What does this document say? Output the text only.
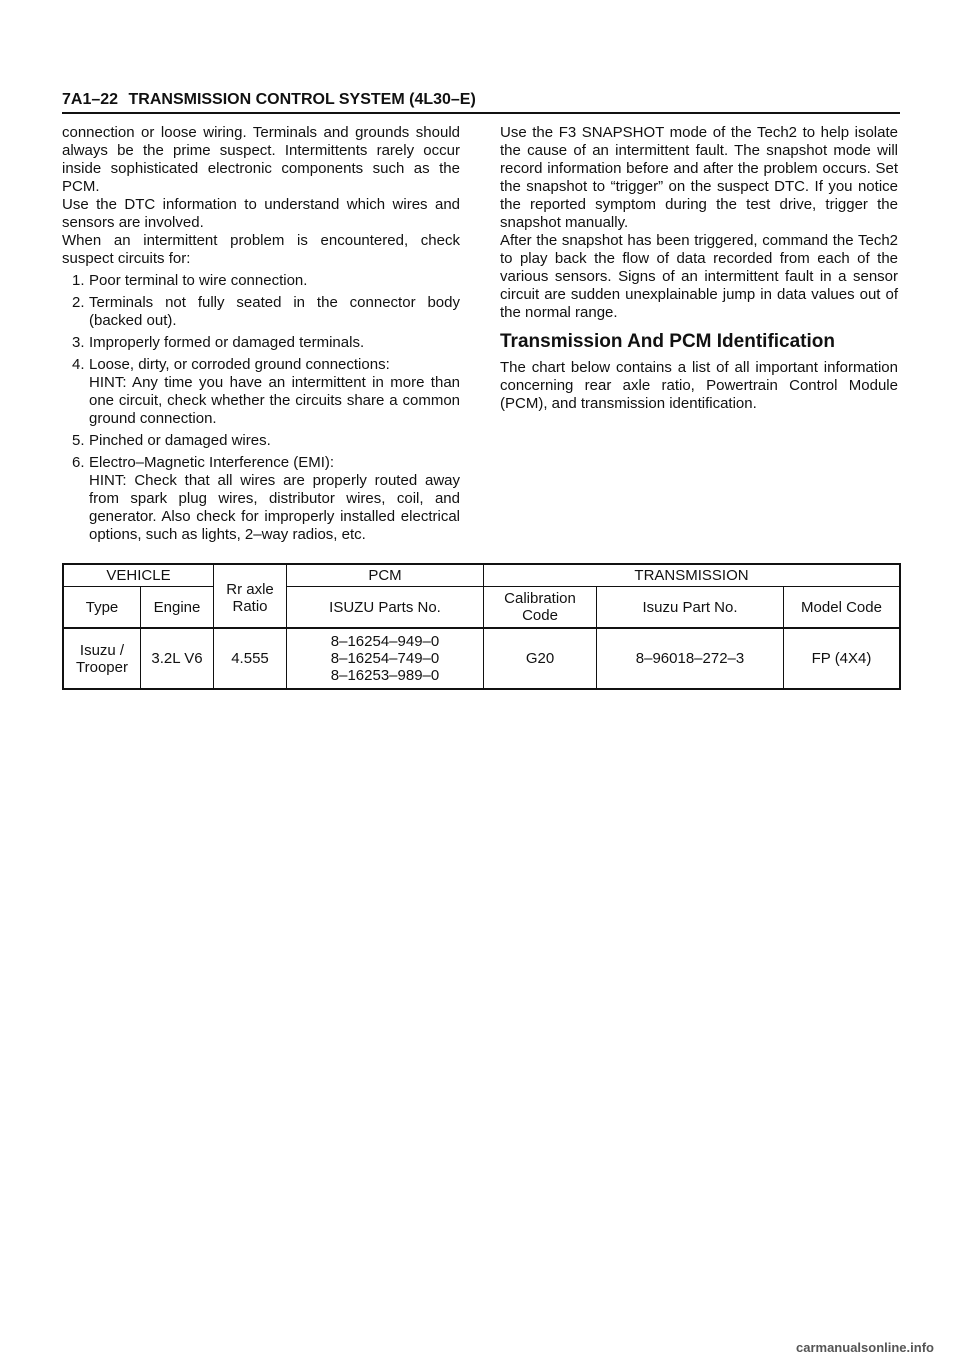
7A1–22 TRANSMISSION CONTROL SYSTEM (4L30–E)

connection or loose wiring. Terminals and grounds should always be the prime suspect. Intermittents rarely occur inside sophisticated electronic components such as the PCM.

Use the DTC information to understand which wires and sensors are involved.

When an intermittent problem is encountered, check suspect circuits for:

1. Poor terminal to wire connection.
2. Terminals not fully seated in the connector body (backed out).
3. Improperly formed or damaged terminals.
4. Loose, dirty, or corroded ground connections:

HINT: Any time you have an intermittent in more than one circuit, check whether the circuits share a common ground connection.

5. Pinched or damaged wires.
6. Electro–Magnetic Interference (EMI):

HINT: Check that all wires are properly routed away from spark plug wires, distributor wires, coil, and generator. Also check for improperly installed electrical options, such as lights, 2–way radios, etc.

Use the F3 SNAPSHOT mode of the Tech2 to help isolate the cause of an intermittent fault. The snapshot mode will record information before and after the problem occurs. Set the snapshot to “trigger” on the suspect DTC. If you notice the reported symptom during the test drive, trigger the snapshot manually.

After the snapshot has been triggered, command the Tech2 to play back the flow of data recorded from each of the various sensors. Signs of an intermittent fault in a sensor circuit are sudden unexplainable jump in data values out of the normal range.

Transmission And PCM Identification

The chart below contains a list of all important information concerning rear axle ratio, Powertrain Control Module (PCM), and transmission identification.

VEHICLE		Rr axle Ratio	PCM	TRANSMISSION		
Type	Engine		ISUZU Parts No.	Calibration Code	Isuzu Part No.	Model Code
Isuzu / Trooper	3.2L V6	4.555	8–16254–949–0
8–16254–749–0
8–16253–989–0	G20	8–96018–272–3	FP (4X4)
carmanualsonline.info
